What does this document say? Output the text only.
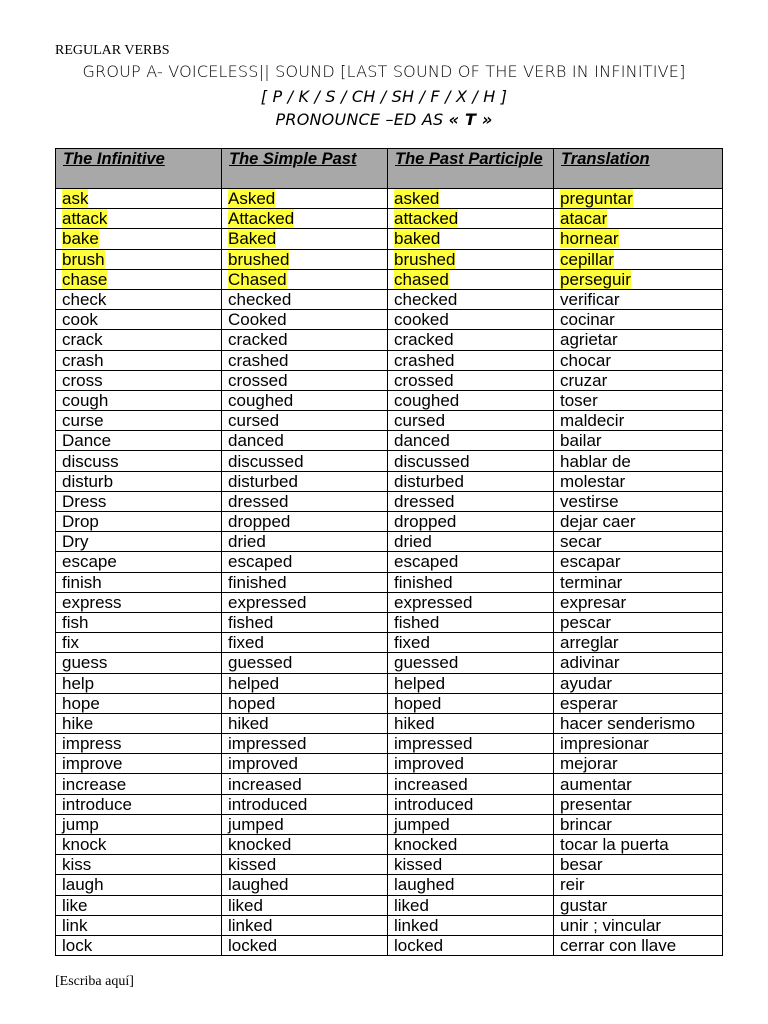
REGULAR VERBS
GROUP A- VOICELESS|| SOUND [LAST SOUND OF THE VERB IN INFINITIVE]
[ P / K / S / CH / SH / F / X / H ]
PRONOUNCE –ED AS « T »
The Infinitive	The Simple Past	The Past Participle	Translation
ask	Asked	asked	preguntar
attack	Attacked	attacked	atacar
bake	Baked	baked	hornear
brush	brushed	brushed	cepillar
chase	Chased	chased	perseguir
check	checked	checked	verificar
cook	Cooked	cooked	cocinar
crack	cracked	cracked	agrietar
crash	crashed	crashed	chocar
cross	crossed	crossed	cruzar
cough	coughed	coughed	toser
curse	cursed	cursed	maldecir
Dance	danced	danced	bailar
discuss	discussed	discussed	hablar de
disturb	disturbed	disturbed	molestar
Dress	dressed	dressed	vestirse
Drop	dropped	dropped	dejar caer
Dry	dried	dried	secar
escape	escaped	escaped	escapar
finish	finished	finished	terminar
express	expressed	expressed	expresar
fish	fished	fished	pescar
fix	fixed	fixed	arreglar
guess	guessed	guessed	adivinar
help	helped	helped	ayudar
hope	hoped	hoped	esperar
hike	hiked	hiked	hacer senderismo
impress	impressed	impressed	impresionar
improve	improved	improved	mejorar
increase	increased	increased	aumentar
introduce	introduced	introduced	presentar
jump	jumped	jumped	brincar
knock	knocked	knocked	tocar la puerta
kiss	kissed	kissed	besar
laugh	laughed	laughed	reir
like	liked	liked	gustar
link	linked	linked	unir ; vincular
lock	locked	locked	cerrar con llave
[Escriba aquí]
